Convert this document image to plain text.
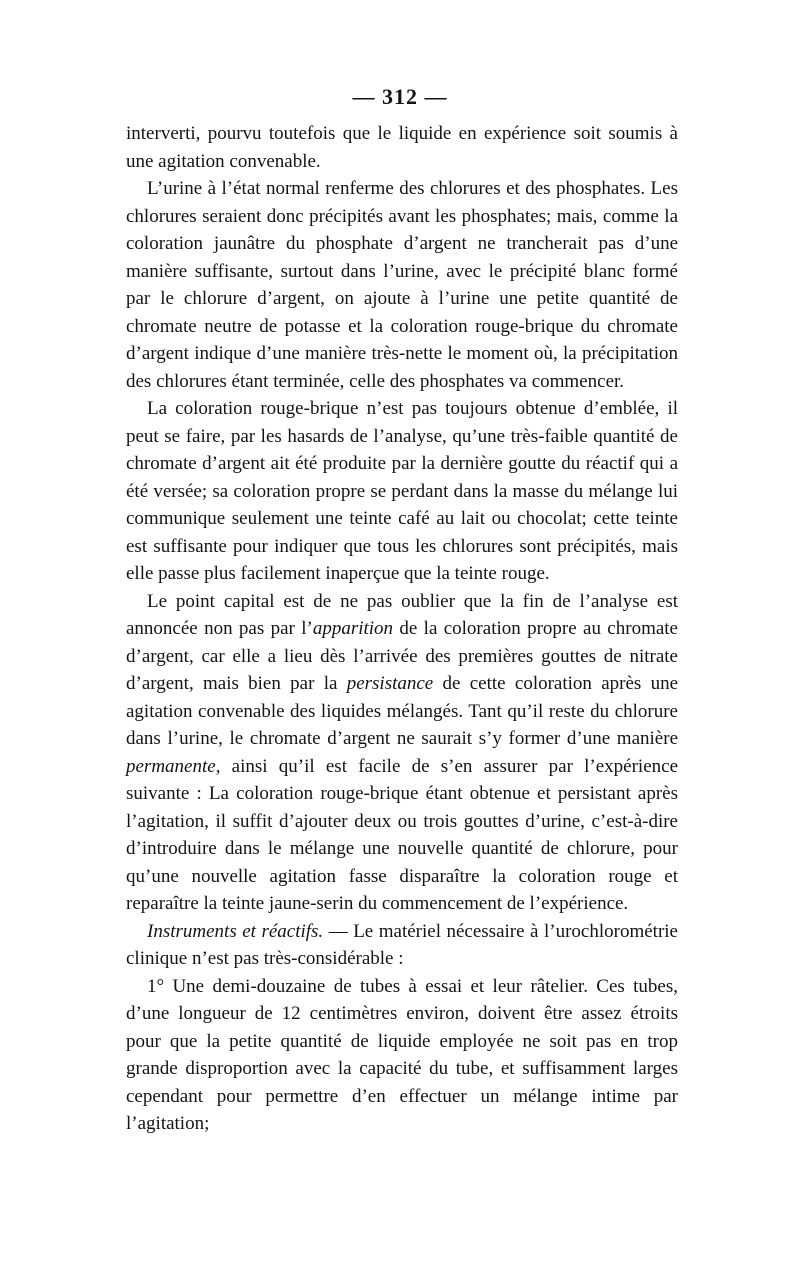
— 312 —

interverti, pourvu toutefois que le liquide en expérience soit soumis à une agitation convenable.

L’urine à l’état normal renferme des chlorures et des phosphates. Les chlorures seraient donc précipités avant les phosphates; mais, comme la coloration jaunâtre du phosphate d’argent ne trancherait pas d’une manière suffisante, surtout dans l’urine, avec le précipité blanc formé par le chlorure d’argent, on ajoute à l’urine une petite quantité de chromate neutre de potasse et la coloration rouge-brique du chromate d’argent indique d’une manière très-nette le moment où, la précipitation des chlorures étant terminée, celle des phosphates va commencer.

La coloration rouge-brique n’est pas toujours obtenue d’emblée, il peut se faire, par les hasards de l’analyse, qu’une très-faible quantité de chromate d’argent ait été produite par la dernière goutte du réactif qui a été versée; sa coloration propre se perdant dans la masse du mélange lui communique seulement une teinte café au lait ou chocolat; cette teinte est suffisante pour indiquer que tous les chlorures sont précipités, mais elle passe plus facilement inaperçue que la teinte rouge.

Le point capital est de ne pas oublier que la fin de l’analyse est annoncée non pas par l’apparition de la coloration propre au chromate d’argent, car elle a lieu dès l’arrivée des premières gouttes de nitrate d’argent, mais bien par la persistance de cette coloration après une agitation convenable des liquides mélangés. Tant qu’il reste du chlorure dans l’urine, le chromate d’argent ne saurait s’y former d’une manière permanente, ainsi qu’il est facile de s’en assurer par l’expérience suivante : La coloration rouge-brique étant obtenue et persistant après l’agitation, il suffit d’ajouter deux ou trois gouttes d’urine, c’est-à-dire d’introduire dans le mélange une nouvelle quantité de chlorure, pour qu’une nouvelle agitation fasse disparaître la coloration rouge et reparaître la teinte jaune-serin du commencement de l’expérience.

Instruments et réactifs. — Le matériel nécessaire à l’urochlorométrie clinique n’est pas très-considérable :

1° Une demi-douzaine de tubes à essai et leur râtelier. Ces tubes, d’une longueur de 12 centimètres environ, doivent être assez étroits pour que la petite quantité de liquide employée ne soit pas en trop grande disproportion avec la capacité du tube, et suffisamment larges cependant pour permettre d’en effectuer un mélange intime par l’agitation;
